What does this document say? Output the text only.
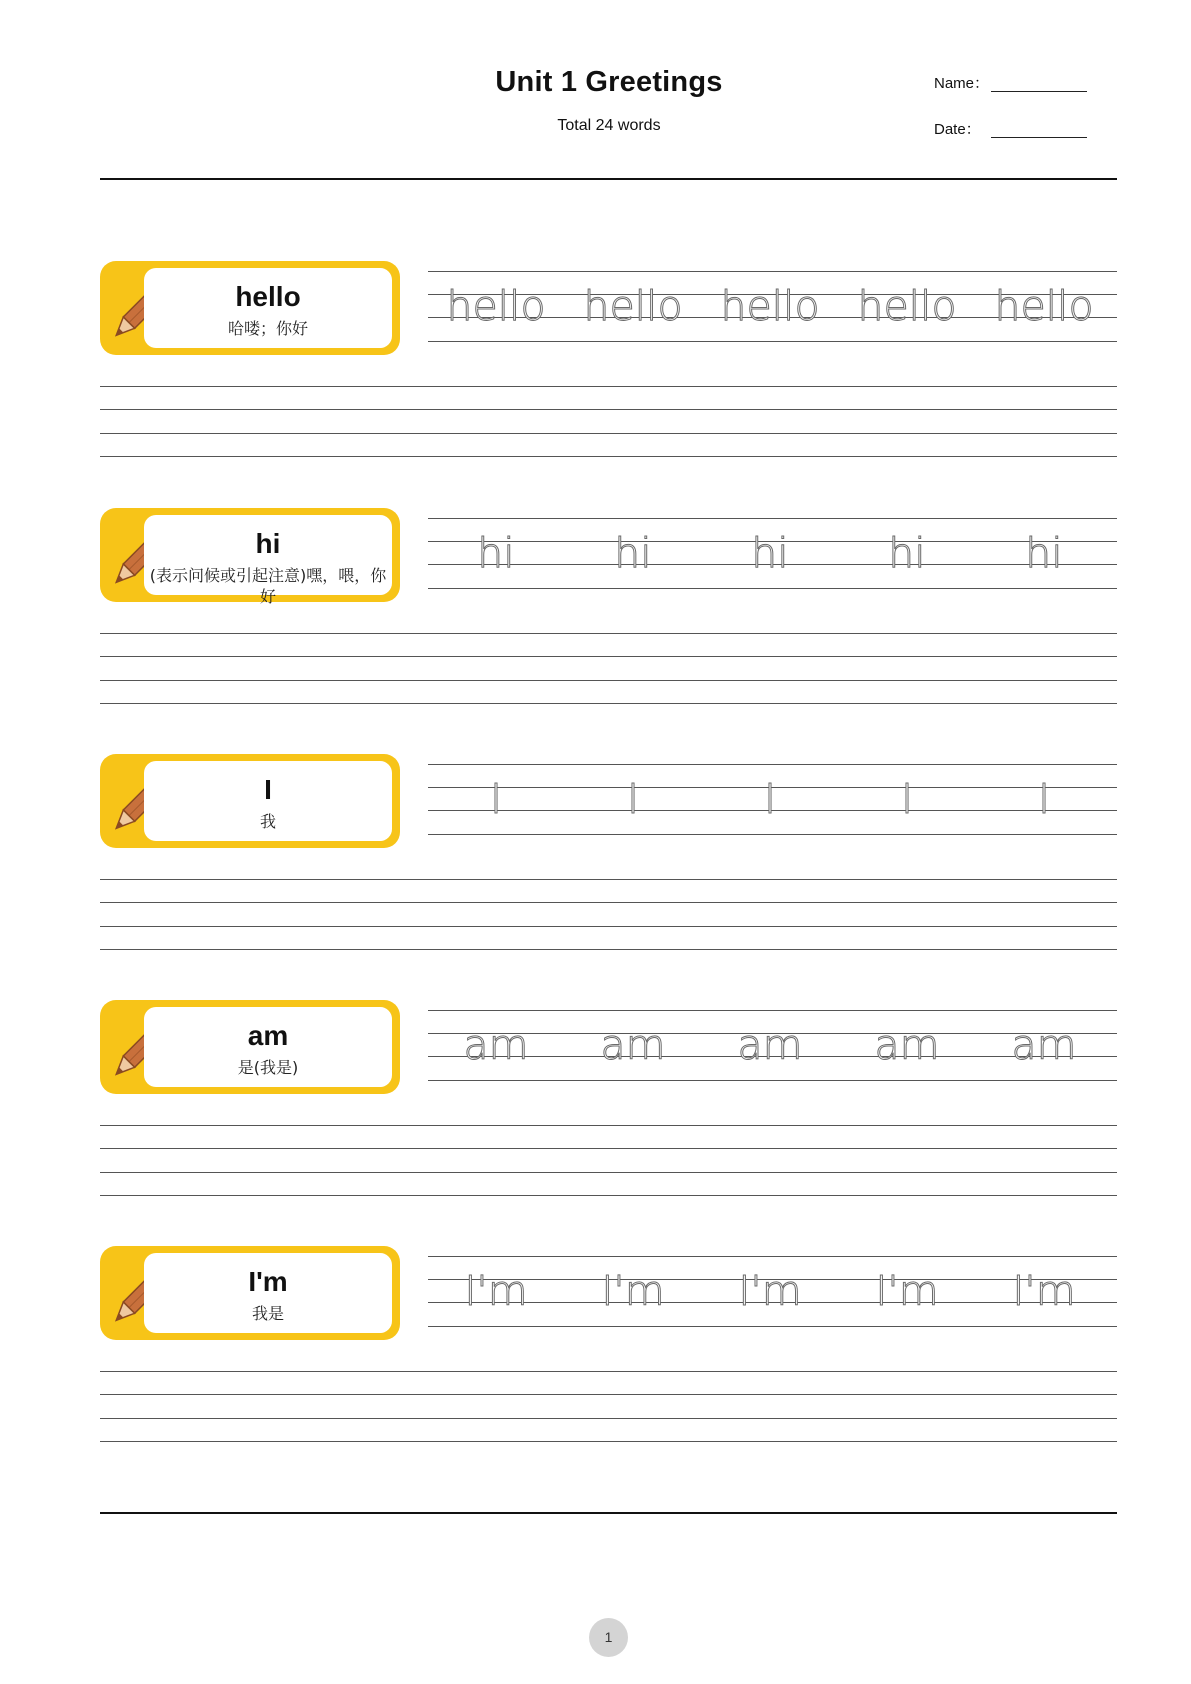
Unit 1 Greetings
Total 24 words
Name：
Date：
hello
哈喽；你好	hello hello hello hello hello
hi
(表示问候或引起注意)嘿，喂，你好
hi	hi	hi	hi	hi
I
我	I	I	I	I	I
am
是(我是)	am	am	am	am	am
I'm
我是	I'm	I'm	I'm	I'm	I'm
1
